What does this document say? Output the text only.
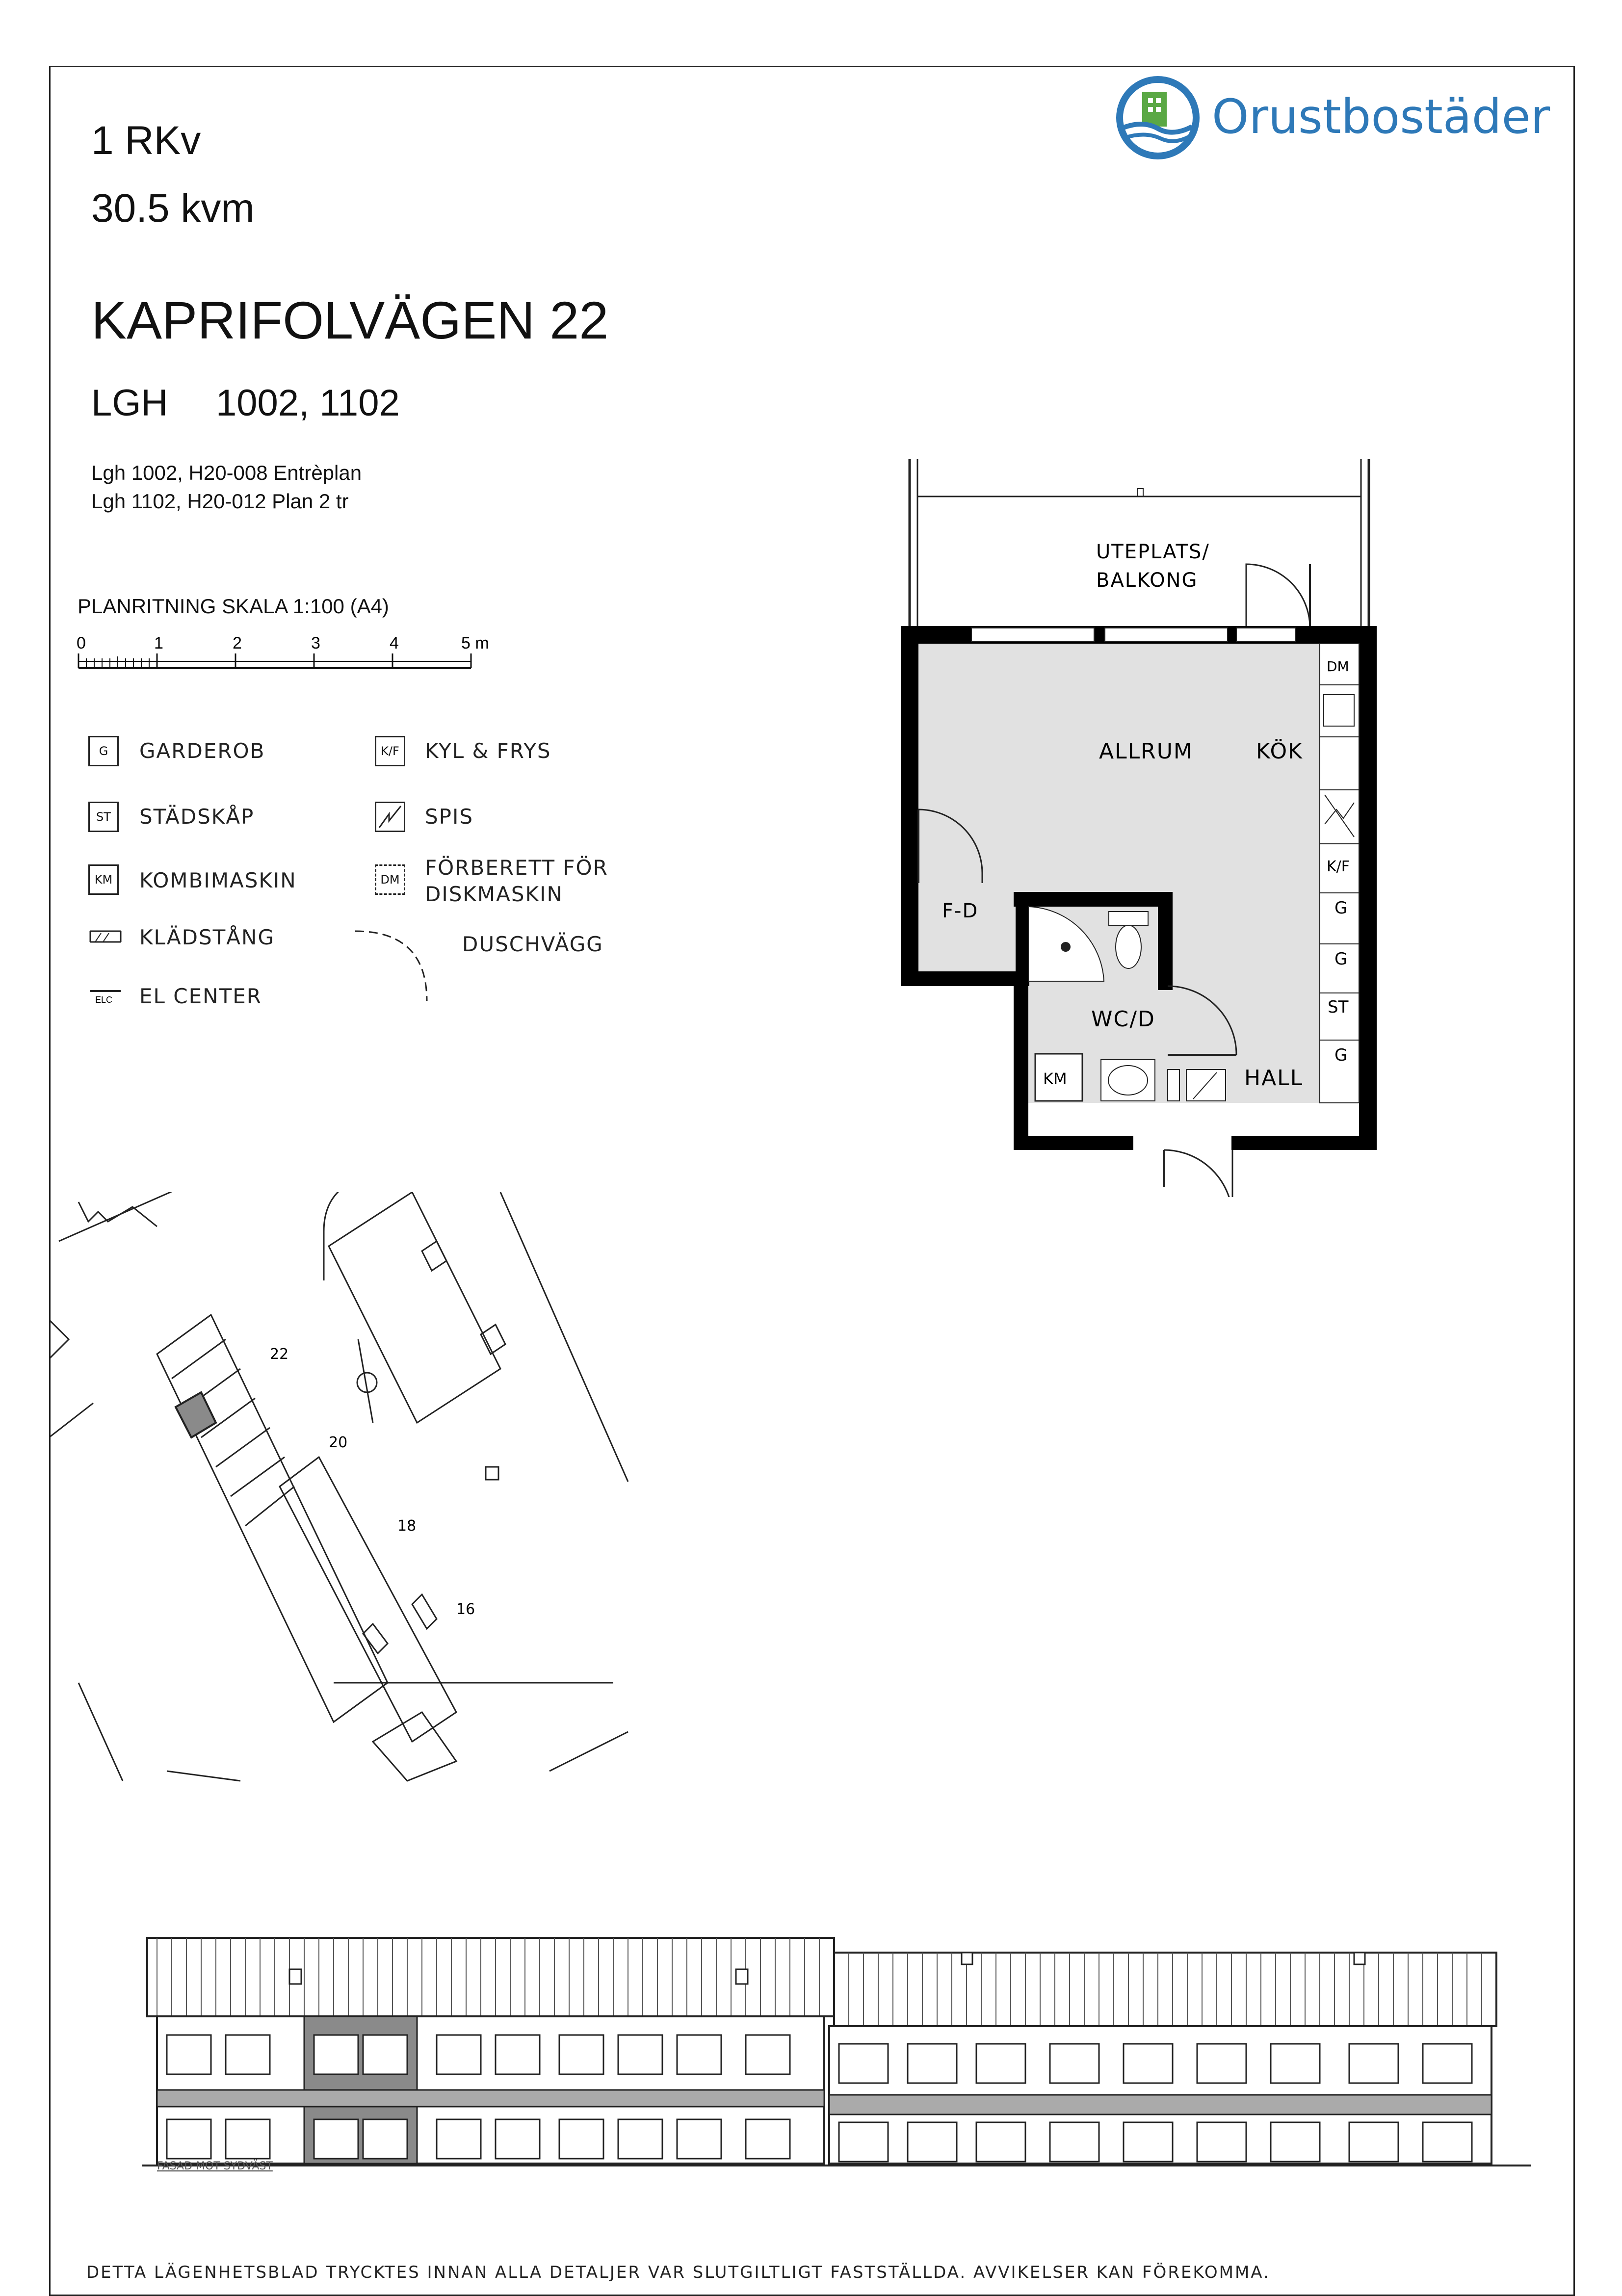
Orustbostäder
1 RKv
30.5 kvm
KAPRIFOLVÄGEN 22
LGH 1002, 1102
Lgh 1002, H20-008 Entrèplan
Lgh 1102, H20-012 Plan 2 tr
PLANRITNING SKALA 1:100 (A4)
0	1	2	3	4	5 m
G	GARDEROB	K/F KYL & FRYS
ST	STÄDSKÅP	SPIS
KM	KOMBIMASKIN	DM FÖRBERETT FÖR
DISKMASKIN
KLÄDSTÅNG	DUSCHVÄGG
ELC EL CENTER
KM
UTEPLATS/
BALKONG
ALLRUM	KÖK
F-D
WC/D
HALL
DM
K/F
G
G
ST
G
22
20
18
16
FASAD MOT SYDVÄST
DETTA LÄGENHETSBLAD TRYCKTES INNAN ALLA DETALJER VAR SLUTGILTLIGT FASTSTÄLLDA. AVVIKELSER KAN FÖREKOMMA.
